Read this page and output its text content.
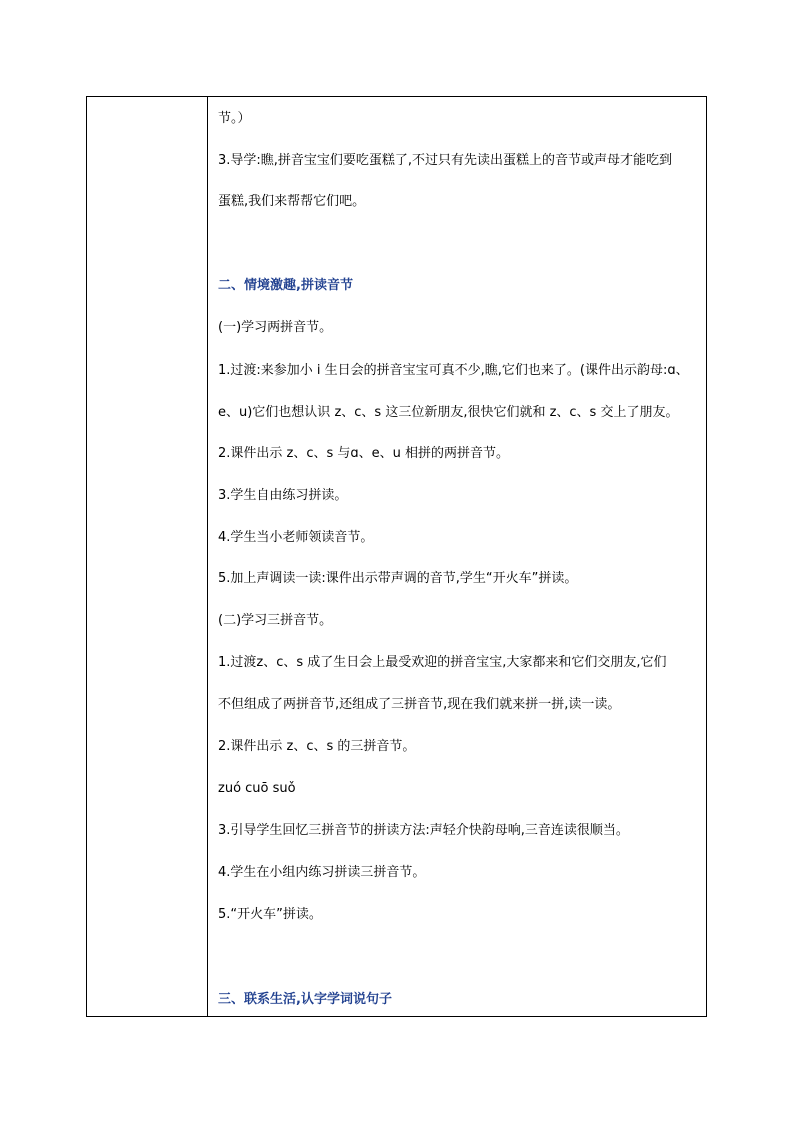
节。）
3.导学:瞧,拼音宝宝们要吃蛋糕了,不过只有先读出蛋糕上的音节或声母才能吃到
蛋糕,我们来帮帮它们吧。
二、情境激趣,拼读音节
(一)学习两拼音节。
1.过渡:来参加小 i 生日会的拼音宝宝可真不少,瞧,它们也来了。(课件出示韵母:ɑ、
e、u)它们也想认识 z、c、s 这三位新朋友,很快它们就和 z、c、s 交上了朋友。
2.课件出示 z、c、s 与ɑ、e、u 相拼的两拼音节。
3.学生自由练习拼读。
4.学生当小老师领读音节。
5.加上声调读一读:课件出示带声调的音节,学生“开火车”拼读。
(二)学习三拼音节。
1.过渡z、c、s 成了生日会上最受欢迎的拼音宝宝,大家都来和它们交朋友,它们
不但组成了两拼音节,还组成了三拼音节,现在我们就来拼一拼,读一读。
2.课件出示 z、c、s 的三拼音节。
zuó cuō suǒ
3.引导学生回忆三拼音节的拼读方法:声轻介快韵母响,三音连读很顺当。
4.学生在小组内练习拼读三拼音节。
5.“开火车”拼读。
三、联系生活,认字学词说句子
